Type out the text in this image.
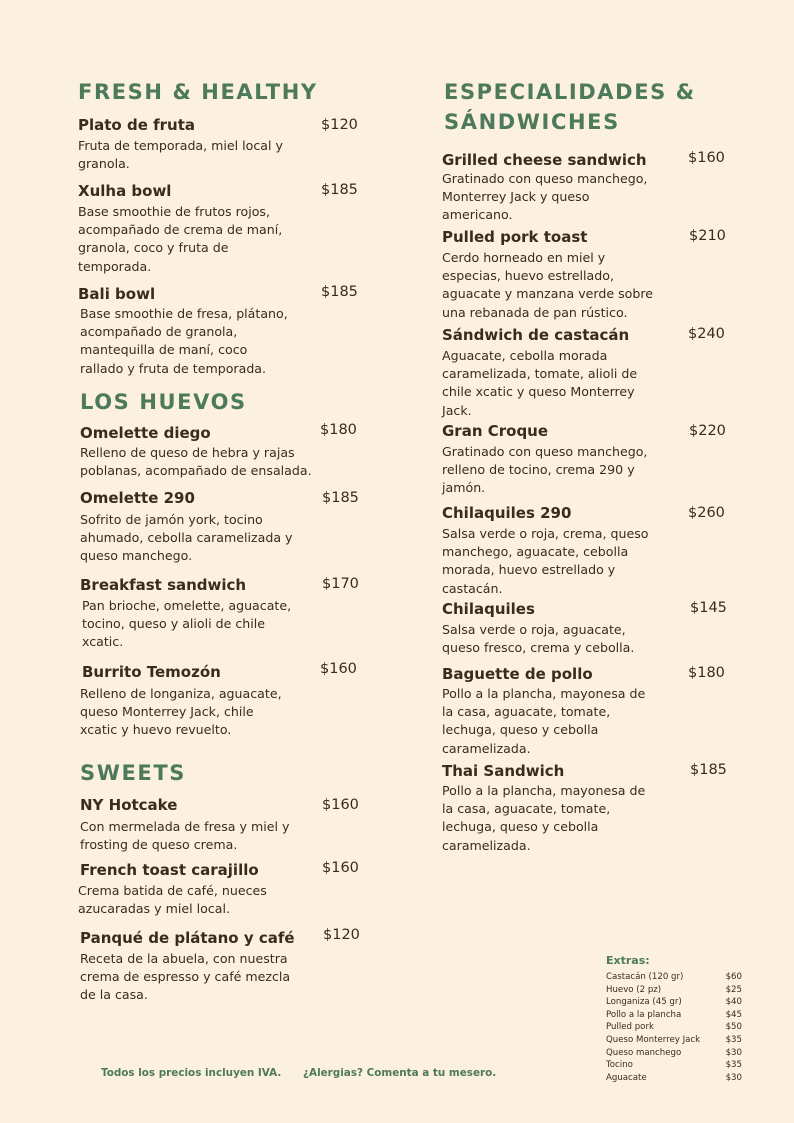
FRESH & HEALTHY
Plato de fruta	$120
Fruta de temporada, miel local y
granola.
Xulha bowl	$185
Base smoothie de frutos rojos,
acompañado de crema de maní,
granola, coco y fruta de
temporada.
Bali bowl	$185
Base smoothie de fresa, plátano,
acompañado de granola,
mantequilla de maní, coco
rallado y fruta de temporada.
LOS HUEVOS
Omelette diego	$180
Relleno de queso de hebra y rajas
poblanas, acompañado de ensalada.
Omelette 290	$185
Sofrito de jamón york, tocino
ahumado, cebolla caramelizada y
queso manchego.
Breakfast sandwich	$170
Pan brioche, omelette, aguacate,
tocino, queso y alioli de chile
xcatic.
Burrito Temozón	$160
Relleno de longaniza, aguacate,
queso Monterrey Jack, chile
xcatic y huevo revuelto.
SWEETS
NY Hotcake	$160
Con mermelada de fresa y miel y
frosting de queso crema.
French toast carajillo	$160
Crema batida de café, nueces
azucaradas y miel local.
Panqué de plátano y café $120
Receta de la abuela, con nuestra
crema de espresso y café mezcla
de la casa.
ESPECIALIDADES &
SÁNDWICHES
Grilled cheese sandwich	$160
Gratinado con queso manchego,
Monterrey Jack y queso
americano.
Pulled pork toast	$210
Cerdo horneado en miel y
especias, huevo estrellado,
aguacate y manzana verde sobre
una rebanada de pan rústico.
Sándwich de castacán	$240
Aguacate, cebolla morada
caramelizada, tomate, alioli de
chile xcatic y queso Monterrey
Jack.
Gran Croque	$220
Gratinado con queso manchego,
relleno de tocino, crema 290 y
jamón.
Chilaquiles 290	$260
Salsa verde o roja, crema, queso
manchego, aguacate, cebolla
morada, huevo estrellado y
castacán.
Chilaquiles	$145
Salsa verde o roja, aguacate,
queso fresco, crema y cebolla.
Baguette de pollo	$180
Pollo a la plancha, mayonesa de
la casa, aguacate, tomate,
lechuga, queso y cebolla
caramelizada.
Thai Sandwich	$185
Pollo a la plancha, mayonesa de
la casa, aguacate, tomate,
lechuga, queso y cebolla
caramelizada.
Extras:
Castacán (120 gr)	$60
Huevo (2 pz)	$25
Longaniza (45 gr)	$40
Pollo a la plancha	$45
Pulled pork	$50
Queso Monterrey Jack	$35
Queso manchego	$30
Tocino	$35
Aguacate	$30
Todos los precios incluyen IVA. ¿Alergias? Comenta a tu mesero.
